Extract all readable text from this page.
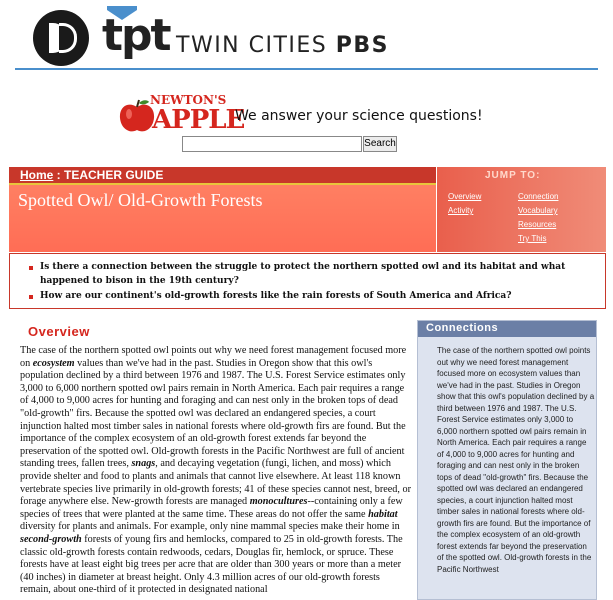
tpt TWIN CITIES PBS
NEWTON'S
APPLE
We answer your science questions!
Search
Home : TEACHER GUIDE
Spotted Owl/ Old-Growth Forests
JUMP TO:
Overview
Activity
Connection
Vocabulary
Resources
Try This
Is there a connection between the struggle to protect the northern spotted owl and its habitat and what happened to bison in the 19th century?
How are our continent's old-growth forests like the rain forests of South America and Africa?
Overview
The case of the northern spotted owl points out why we need forest management focused more on ecosystem values than we've had in the past. Studies in Oregon show that this owl's population declined by a third between 1976 and 1987. The U.S. Forest Service estimates only 3,000 to 6,000 northern spotted owl pairs remain in North America. Each pair requires a range of 4,000 to 9,000 acres for hunting and foraging and can nest only in the broken tops of dead "old-growth" firs. Because the spotted owl was declared an endangered species, a court injunction halted most timber sales in national forests where old-growth firs are found. But the importance of the complex ecosystem of an old-growth forest extends far beyond the preservation of the spotted owl. Old-growth forests in the Pacific Northwest are full of ancient standing trees, fallen trees, snags, and decaying vegetation (fungi, lichen, and moss) which provide shelter and food to plants and animals that cannot live elsewhere. At least 118 known vertebrate species live primarily in old-growth forests; 41 of these species cannot nest, breed, or forage anywhere else. New-growth forests are managed monocultures--containing only a few species of trees that were planted at the same time. These areas do not offer the same habitat diversity for plants and animals. For example, only nine mammal species make their home in second-growth forests of young firs and hemlocks, compared to 25 in old-growth forests. The classic old-growth forests contain redwoods, cedars, Douglas fir, hemlock, or spruce. These forests have at least eight big trees per acre that are older than 300 years or more than a meter (40 inches) in diameter at breast height. Only 4.3 million acres of our old-growth forests remain, about one-third of it protected in designated national
Connections
The case of the northern spotted owl points out why we need forest management focused more on ecosystem values than we've had in the past. Studies in Oregon show that this owl's population declined by a third between 1976 and 1987. The U.S. Forest Service estimates only 3,000 to 6,000 northern spotted owl pairs remain in North America. Each pair requires a range of 4,000 to 9,000 acres for hunting and foraging and can nest only in the broken tops of dead "old-growth" firs. Because the spotted owl was declared an endangered species, a court injunction halted most timber sales in national forests where old-growth firs are found. But the importance of the complex ecosystem of an old-growth forest extends far beyond the preservation of the spotted owl. Old-growth forests in the Pacific Northwest
